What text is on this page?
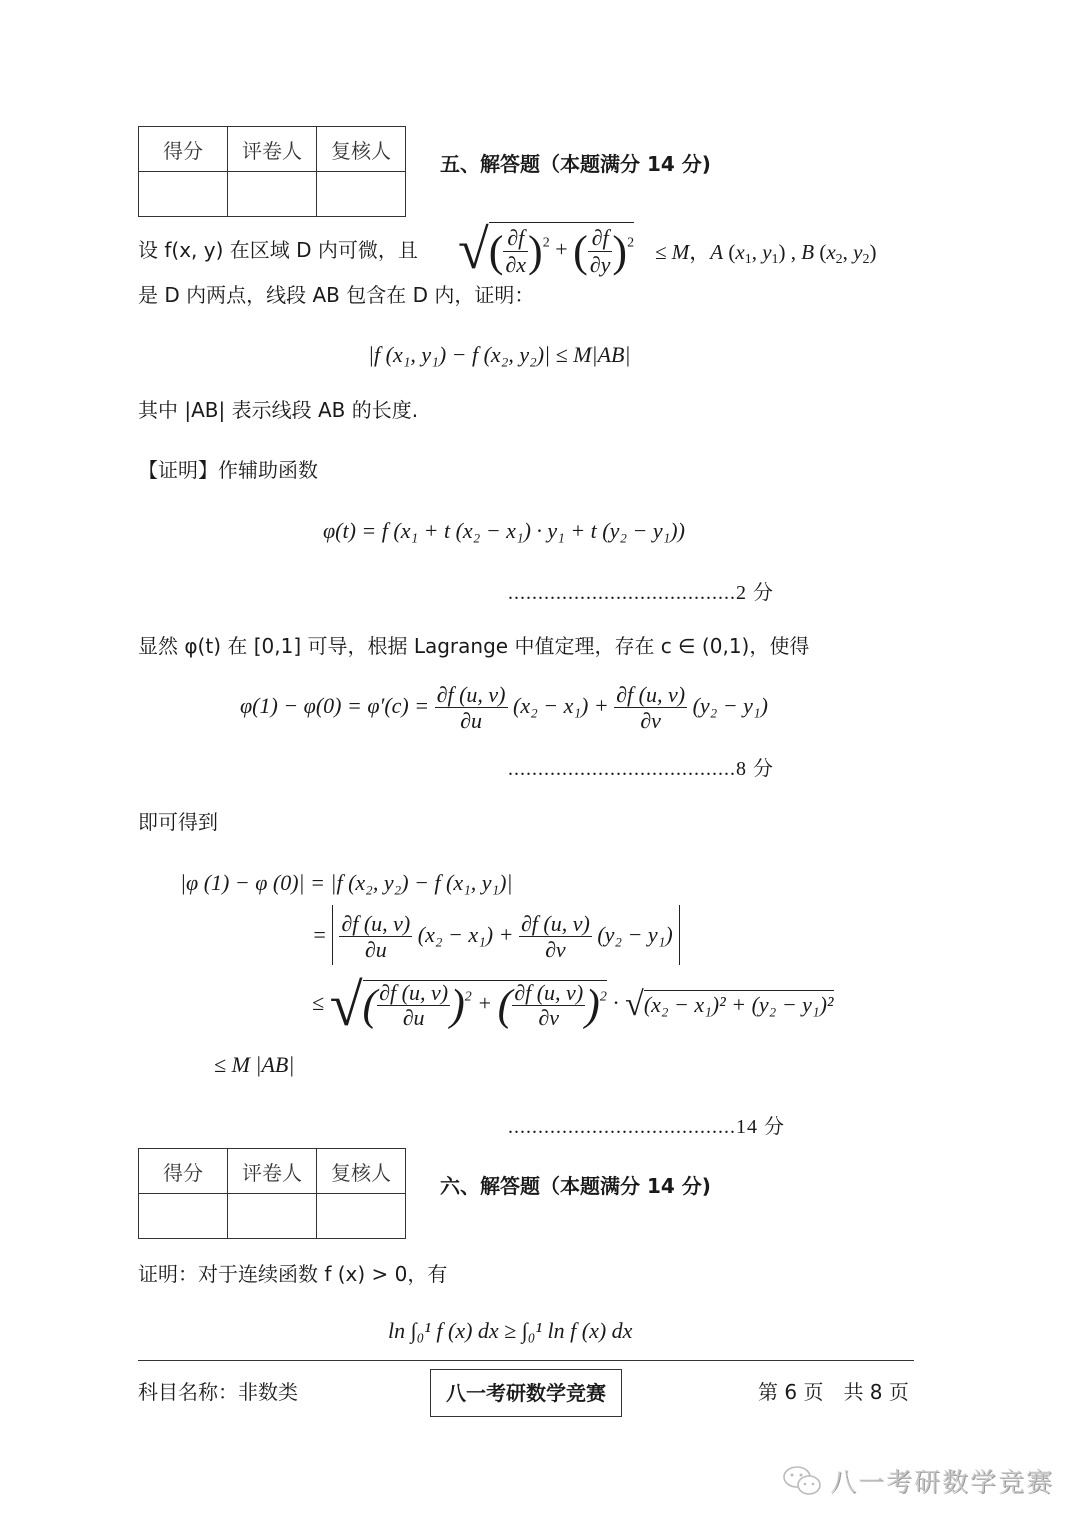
得分	评卷人	复核人

五、解答题（本题满分 14 分)
设 f(x, y) 在区域 D 内可微，且 √( $\frac{\partial f}{\partial x} )^2$ + ( $\frac{\partial f}{\partial y} )^2 \le M$，A ($x_1$, $y_1$) , B ($x_2$, $y_2$)
是 D 内两点，线段 AB 包含在 D 内，证明：
|f (x₁, y₁) − f (x₂, y₂)| ≤ M|AB|
其中 |AB| 表示线段 AB 的长度.
【证明】作辅助函数
φ(t) = f (x₁ + t (x₂ − x₁) · y₁ + t (y₂ − y₁))
......................................2 分
显然 φ(t) 在 [0,1] 可导，根据 Lagrange 中值定理，存在 c ∈ (0,1)，使得
$\varphi(1) - \varphi(0) = \varphi'(c) = \frac{\partial f (u, v)}{\partial u} (x_2 - x_1) + \frac{\partial f (u, v)}{\partial v} (y_2 - y_1)$
......................................8 分
即可得到
|φ (1) − φ (0)| = |f (x₂, y₂) − f (x₁, y₁)|
= $\frac{\partial f (u, v)}{\partial u} (x_2 - x_1) + \frac{\partial f (u, v)}{\partial v} (y_2 - y_1)$
≤ √( $\frac{\partial f (u, v)}{\partial u} )^2$ + ( $\frac{\partial f (u, v)}{\partial v} )^2 \cdot √(x_2 - x_1)^2 + (y_2 - y_1)^2$
≤ M |AB|
......................................14 分
得分	评卷人	复核人

六、解答题（本题满分 14 分)
证明：对于连续函数 f (x) > 0，有
ln ∫₀¹ f (x) dx ≥ ∫₀¹ ln f (x) dx
科目名称：非数类	八一考研数学竞赛	第 6 页　共 8 页
八一考研数学竞赛
